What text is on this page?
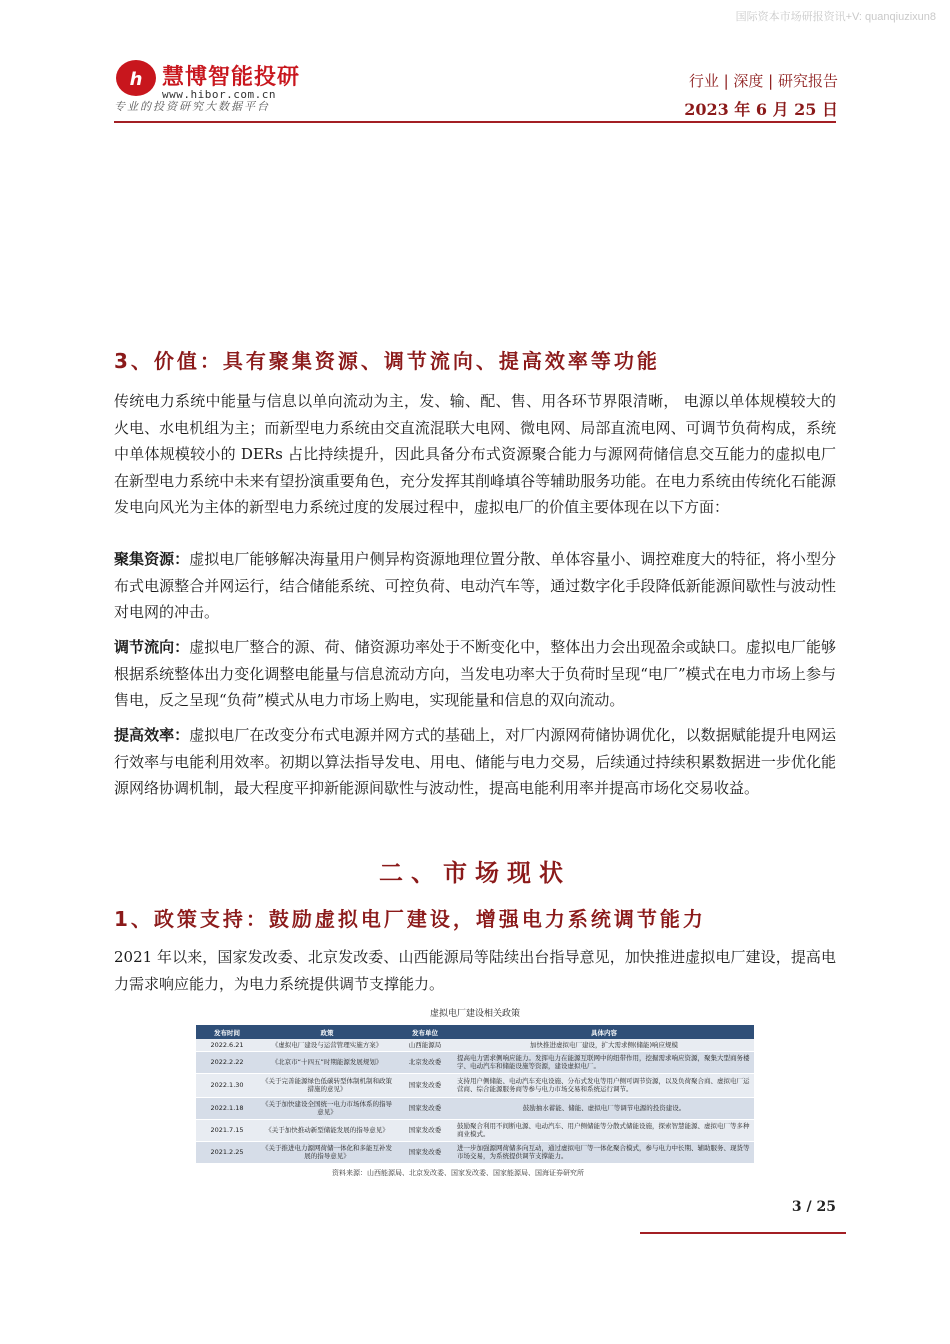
国际资本市场研报资讯+V: quanqiuzixun8
h 慧博智能投研
www.hibor.com.cn
专业的投资研究大数据平台
行业 | 深度 | 研究报告
2023 年 6 月 25 日
3、价值：具有聚集资源、调节流向、提高效率等功能

传统电力系统中能量与信息以单向流动为主，发、输、配、售、用各环节界限清晰， 电源以单体规模较大的火电、水电机组为主；而新型电力系统由交直流混联大电网、微电网、局部直流电网、可调节负荷构成，系统中单体规模较小的 DERs 占比持续提升，因此具备分布式资源聚合能力与源网荷储信息交互能力的虚拟电厂在新型电力系统中未来有望扮演重要角色，充分发挥其削峰填谷等辅助服务功能。在电力系统由传统化石能源发电向风光为主体的新型电力系统过度的发展过程中，虚拟电厂的价值主要体现在以下方面：

聚集资源：虚拟电厂能够解决海量用户侧异构资源地理位置分散、单体容量小、调控难度大的特征，将小型分布式电源整合并网运行，结合储能系统、可控负荷、电动汽车等，通过数字化手段降低新能源间歇性与波动性对电网的冲击。

调节流向：虚拟电厂整合的源、荷、储资源功率处于不断变化中，整体出力会出现盈余或缺口。虚拟电厂能够根据系统整体出力变化调整电能量与信息流动方向，当发电功率大于负荷时呈现“电厂”模式在电力市场上参与售电，反之呈现“负荷”模式从电力市场上购电，实现能量和信息的双向流动。

提高效率：虚拟电厂在改变分布式电源并网方式的基础上，对厂内源网荷储协调优化，以数据赋能提升电网运行效率与电能利用效率。初期以算法指导发电、用电、储能与电力交易，后续通过持续积累数据进一步优化能源网络协调机制，最大程度平抑新能源间歇性与波动性，提高电能利用率并提高市场化交易收益。

二、市场现状
1、政策支持：鼓励虚拟电厂建设，增强电力系统调节能力

2021 年以来，国家发改委、北京发改委、山西能源局等陆续出台指导意见，加快推进虚拟电厂建设，提高电力需求响应能力，为电力系统提供调节支撑能力。

虚拟电厂建设相关政策
发布时间	政策	发布单位	具体内容
2022.6.21	《虚拟电厂建设与运营管理实施方案》	山西能源局	加快推进虚拟电厂建设，扩大需求侧(储能)响应规模
2022.2.22	《北京市“十四五”时期能源发展规划》	北京发改委	提高电力需求侧响应能力。发挥电力在能源互联网中的纽带作用，挖掘需求响应资源，聚集大型商务楼宇、电动汽车和储能设施等资源，建设虚拟电厂。
2022.1.30	《关于完善能源绿色低碳转型体制机制和政策措施的意见》	国家发改委	支持用户侧储能、电动汽车充电设施、分布式发电等用户侧可调节资源，以及负荷聚合商、虚拟电厂运营商、综合能源服务商等参与电力市场交易和系统运行调节。
2022.1.18	《关于加快建设全国统一电力市场体系的指导意见》	国家发改委	鼓励抽水蓄能、储能、虚拟电厂等调节电源的投资建设。
2021.7.15	《关于加快推动新型储能发展的指导意见》	国家发改委	鼓励聚合利用不间断电源、电动汽车、用户侧储能等分散式储能设施，探索智慧能源、虚拟电厂等多种商业模式。
2021.2.25	《关于推进电力源网荷储一体化和多能互补发展的指导意见》	国家发改委	进一步加强源网荷储多向互动，通过虚拟电厂等一体化聚合模式，参与电力中长期、辅助服务、现货等市场交易，为系统提供调节支撑能力。
资料来源：山西能源局、北京发改委、国家发改委、国家能源局、国海证券研究所
3 / 25
